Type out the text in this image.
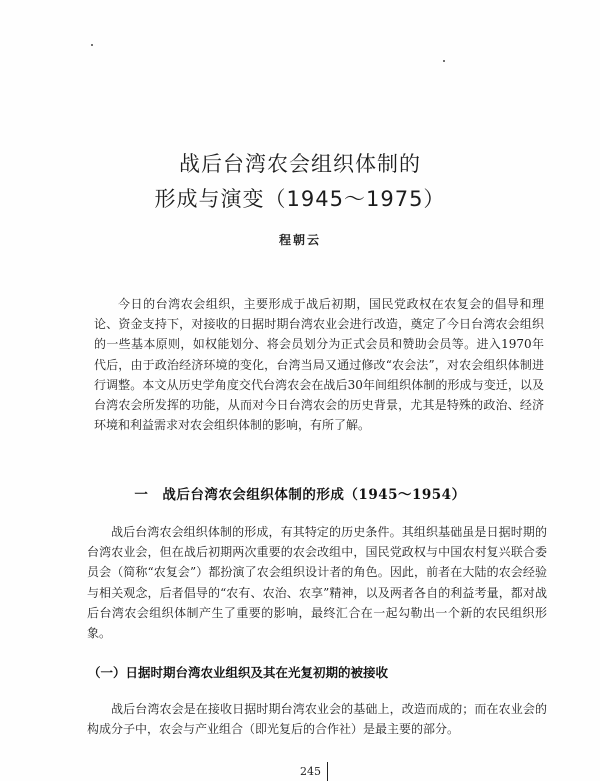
战后台湾农会组织体制的
形成与演变（1945～1975）
程朝云

今日的台湾农会组织，主要形成于战后初期，国民党政权在农复会的倡导和理论、资金支持下，对接收的日据时期台湾农业会进行改造，奠定了今日台湾农会组织的一些基本原则，如权能划分、将会员划分为正式会员和赞助会员等。进入1970年代后，由于政治经济环境的变化，台湾当局又通过修改“农会法”，对农会组织体制进行调整。本文从历史学角度交代台湾农会在战后30年间组织体制的形成与变迁，以及台湾农会所发挥的功能，从而对今日台湾农会的历史背景，尤其是特殊的政治、经济环境和利益需求对农会组织体制的影响，有所了解。

一　战后台湾农会组织体制的形成（1945～1954）

战后台湾农会组织体制的形成，有其特定的历史条件。其组织基础虽是日据时期的台湾农业会，但在战后初期两次重要的农会改组中，国民党政权与中国农村复兴联合委员会（简称“农复会”）都扮演了农会组织设计者的角色。因此，前者在大陆的农会经验与相关观念，后者倡导的“农有、农治、农享”精神，以及两者各自的利益考量，都对战后台湾农会组织体制产生了重要的影响，最终汇合在一起勾勒出一个新的农民组织形象。

（一）日据时期台湾农业组织及其在光复初期的被接收

战后台湾农会是在接收日据时期台湾农业会的基础上，改造而成的；而在农业会的构成分子中，农会与产业组合（即光复后的合作社）是最主要的部分。

245
